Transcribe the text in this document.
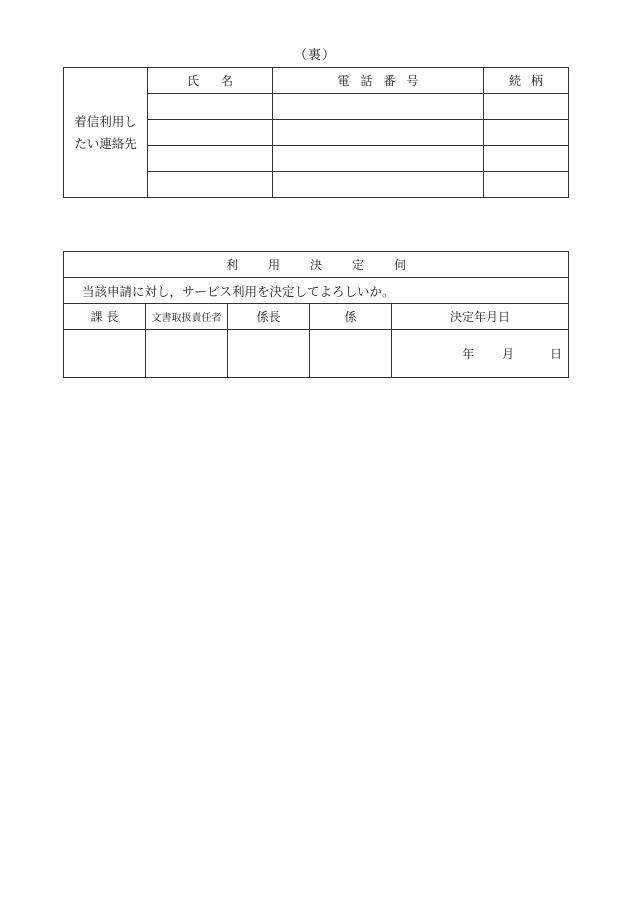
（裏）
着信利用し
たい連絡先	氏名	電話番号	続柄

利用決定伺				
当該申請に対し，サービス利用を決定してよろしいか。				
課 長	文書取扱責任者	係長	係	決定年月日
				年 月 日
